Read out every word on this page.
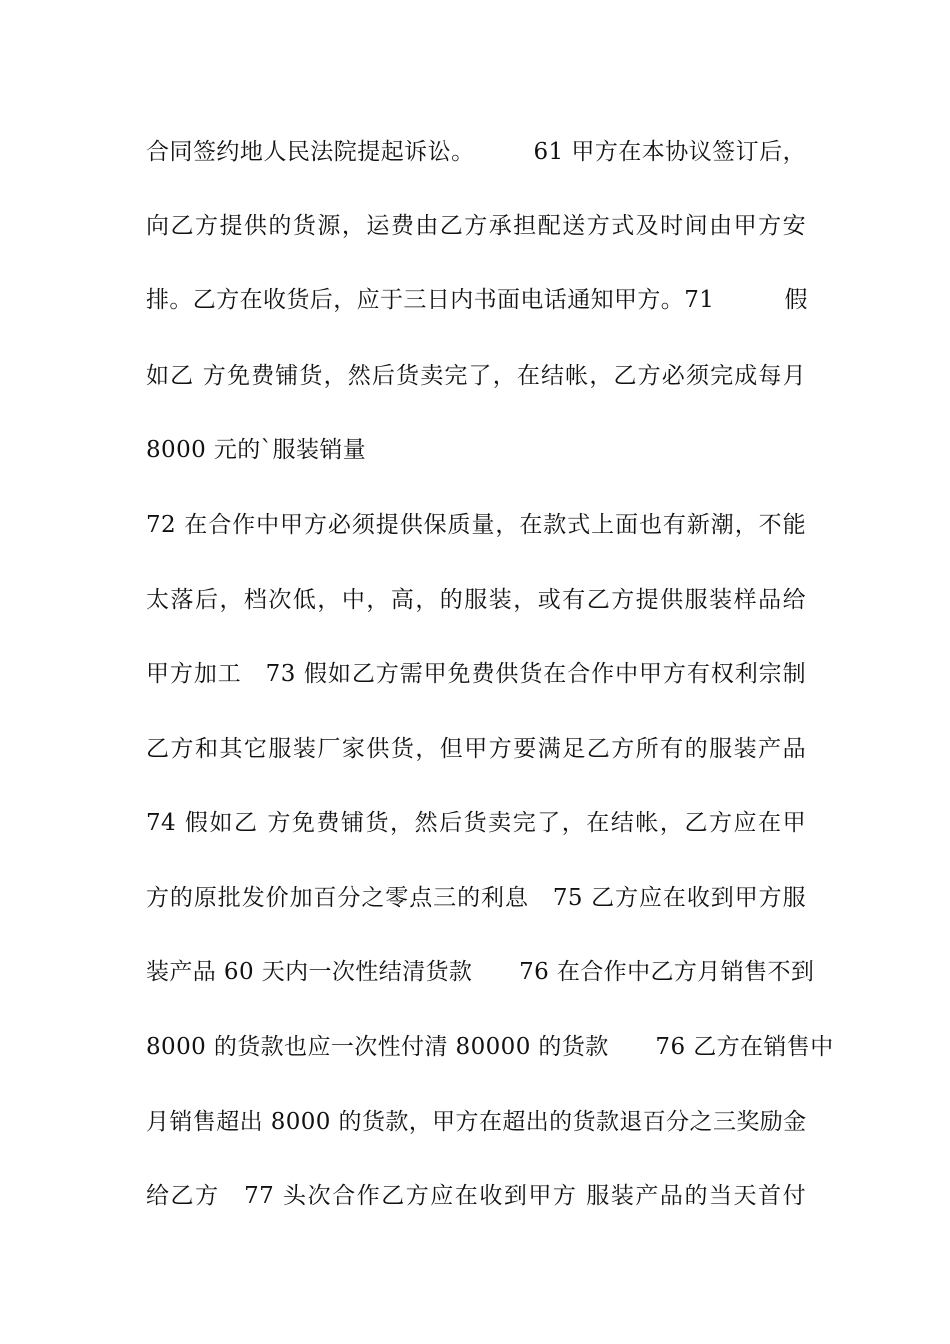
合同签约地人民法院提起诉讼。　　　61 甲方在本协议签订后，
向乙方提供的货源，运费由乙方承担配送方式及时间由甲方安
排。乙方在收货后，应于三日内书面电话通知甲方。71　　　假
如乙 方免费铺货，然后货卖完了，在结帐，乙方必须完成每月
8000 元的`服装销量
72 在合作中甲方必须提供保质量，在款式上面也有新潮，不能
太落后，档次低，中，高，的服装，或有乙方提供服装样品给
甲方加工　73 假如乙方需甲免费供货在合作中甲方有权利宗制
乙方和其它服装厂家供货，但甲方要满足乙方所有的服装产品
74 假如乙 方免费铺货，然后货卖完了，在结帐，乙方应在甲
方的原批发价加百分之零点三的利息　75 乙方应在收到甲方服
装产品 60 天内一次性结清货款　　76 在合作中乙方月销售不到
8000 的货款也应一次性付清 80000 的货款　　76 乙方在销售中
月销售超出 8000 的货款，甲方在超出的货款退百分之三奖励金
给乙方　77 头次合作乙方应在收到甲方 服装产品的当天首付
